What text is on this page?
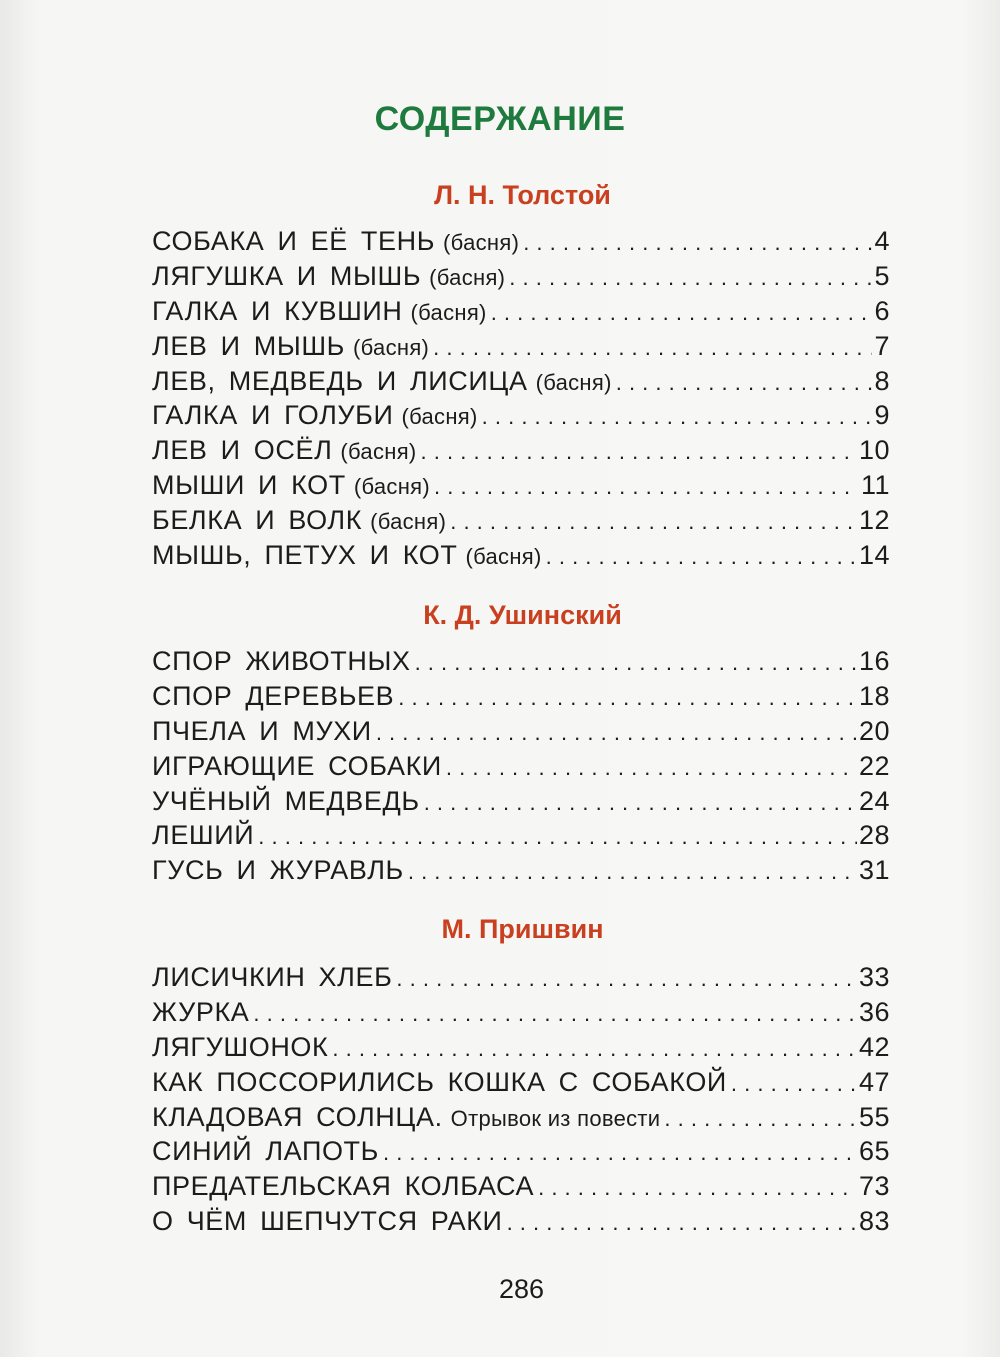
СОДЕРЖАНИЕ
Л. Н. Толстой
СОБАКА И ЕЁ ТЕНЬ (басня) . . .	4
ЛЯГУШКА И МЫШЬ (басня) . . .	5
ГАЛКА И КУВШИН (басня) . . .	6
ЛЕВ И МЫШЬ (басня) . . .	7
ЛЕВ, МЕДВЕДЬ И ЛИСИЦА (басня) . . .	8
ГАЛКА И ГОЛУБИ (басня) . . .	9
ЛЕВ И ОСЁЛ (басня) . . .	10
МЫШИ И КОТ (басня) . . .	11
БЕЛКА И ВОЛК (басня) . . .	12
МЫШЬ, ПЕТУХ И КОТ (басня) . . .	14
К. Д. Ушинский
СПОР ЖИВОТНЫХ . . .	16
СПОР ДЕРЕВЬЕВ . . .	18
ПЧЕЛА И МУХИ . . .	20
ИГРАЮЩИЕ СОБАКИ . . .	22
УЧЁНЫЙ МЕДВЕДЬ . . .	24
ЛЕШИЙ . . .	28
ГУСЬ И ЖУРАВЛЬ . . .	31
М. Пришвин
ЛИСИЧКИН ХЛЕБ . . .	33
ЖУРКА . . .	36
ЛЯГУШОНОК . . .	42
КАК ПОССОРИЛИСЬ КОШКА С СОБАКОЙ . . .	47
КЛАДОВАЯ СОЛНЦА. Отрывок из повести . . .	55
СИНИЙ ЛАПОТЬ . . .	65
ПРЕДАТЕЛЬСКАЯ КОЛБАСА . . .	73
О ЧЁМ ШЕПЧУТСЯ РАКИ . . .	83
286
